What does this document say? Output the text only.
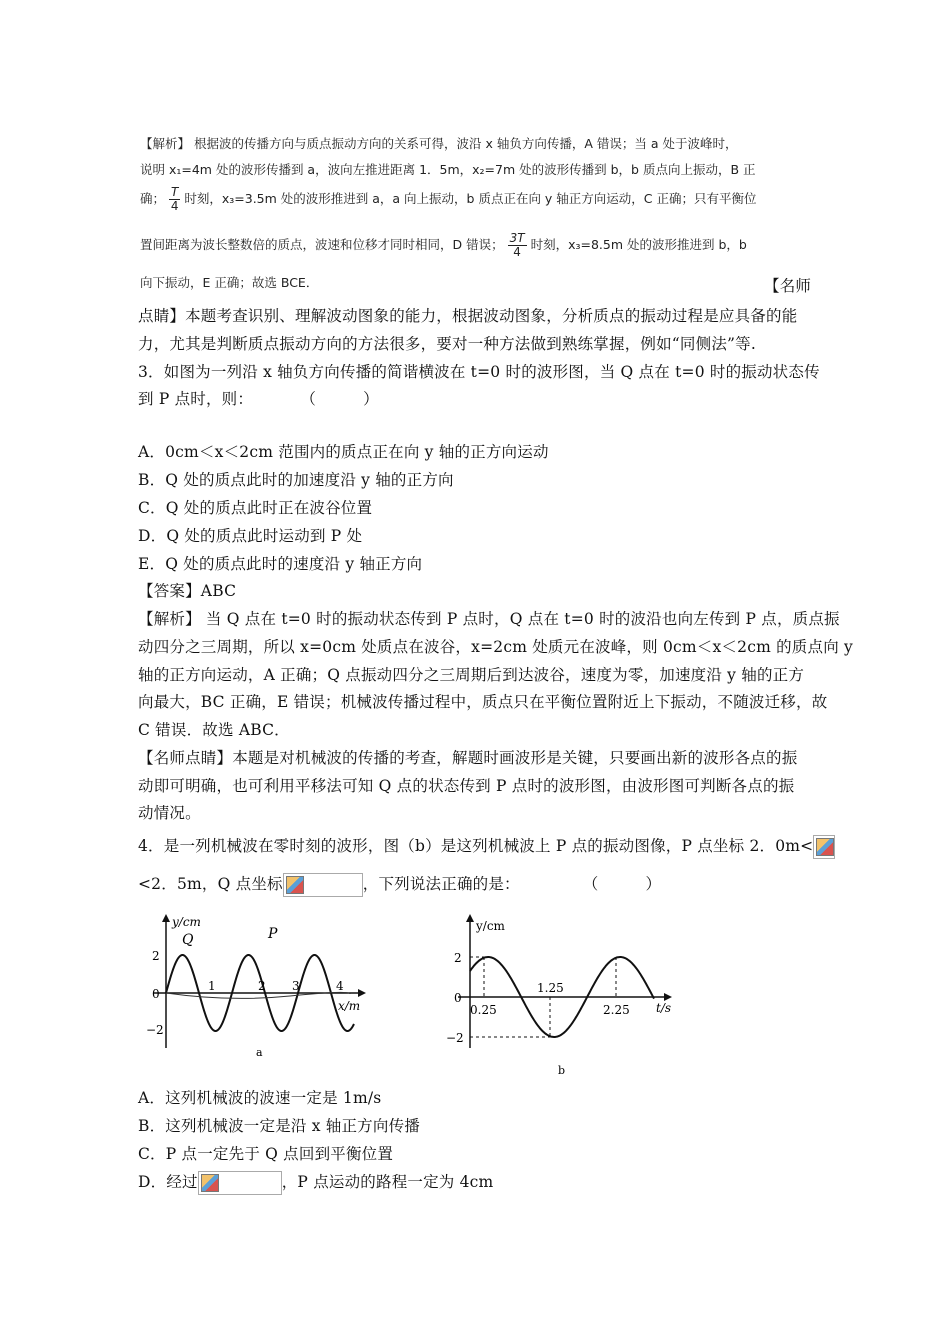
【解析】 根据波的传播方向与质点振动方向的关系可得，波沿 x 轴负方向传播，A 错误；当 a 处于波峰时，
说明 x₁=4m 处的波形传播到 a，波向左推进距离 1．5m，x₂=7m 处的波形传播到 b，b 质点向上振动，B 正
确； $\frac{T}{4}$ 时刻，x₃=3.5m 处的波形推进到 a，a 向上振动，b 质点正在向 y 轴正方向运动，C 正确；只有平衡位
置间距离为波长整数倍的质点，波速和位移才同时相同，D 错误； $\frac{3T}{4}$ 时刻，x₃=8.5m 处的波形推进到 b，b
向下振动，E 正确；故选 BCE．	【名师
点睛】本题考查识别、理解波动图象的能力，根据波动图象，分析质点的振动过程是应具备的能
力，尤其是判断质点振动方向的方法很多，要对一种方法做到熟练掌握，例如“同侧法”等.
3．如图为一列沿 x 轴负方向传播的简谐横波在 t=0 时的波形图，当 Q 点在 t=0 时的振动状态传
到 P 点时，则：　　　　（　　　）
A．0cm＜x＜2cm 范围内的质点正在向 y 轴的正方向运动
B．Q 处的质点此时的加速度沿 y 轴的正方向
C．Q 处的质点此时正在波谷位置
D．Q 处的质点此时运动到 P 处
E．Q 处的质点此时的速度沿 y 轴正方向
【答案】ABC
【解析】 当 Q 点在 t=0 时的振动状态传到 P 点时，Q 点在 t=0 时的波沿也向左传到 P 点，质点振
动四分之三周期，所以 x=0cm 处质点在波谷，x=2cm 处质元在波峰，则 0cm＜x＜2cm 的质点向 y
轴的正方向运动，A 正确；Q 点振动四分之三周期后到达波谷，速度为零，加速度沿 y 轴的正方
向最大，BC 正确，E 错误；机械波传播过程中，质点只在平衡位置附近上下振动，不随波迁移，故
C 错误．故选 ABC．
【名师点睛】本题是对机械波的传播的考查，解题时画波形是关键，只要画出新的波形各点的振
动即可明确，也可利用平移法可知 Q 点的状态传到 P 点时的波形图，由波形图可判断各点的振
动情况。
4．是一列机械波在零时刻的波形，图（b）是这列机械波上 P 点的振动图像，P 点坐标 2．0m<
<2．5m，Q 点坐标	，下列说法正确的是：　　　　　（　　　）
y/cm
x/m
2
0
−2
1	2 3	4
Q	P
a
y/cm
t/s
2
0
−2
0.25
1.25
2.25
b
A．这列机械波的波速一定是 1m/s
B．这列机械波一定是沿 x 轴正方向传播
C．P 点一定先于 Q 点回到平衡位置
D．经过	，P 点运动的路程一定为 4cm
